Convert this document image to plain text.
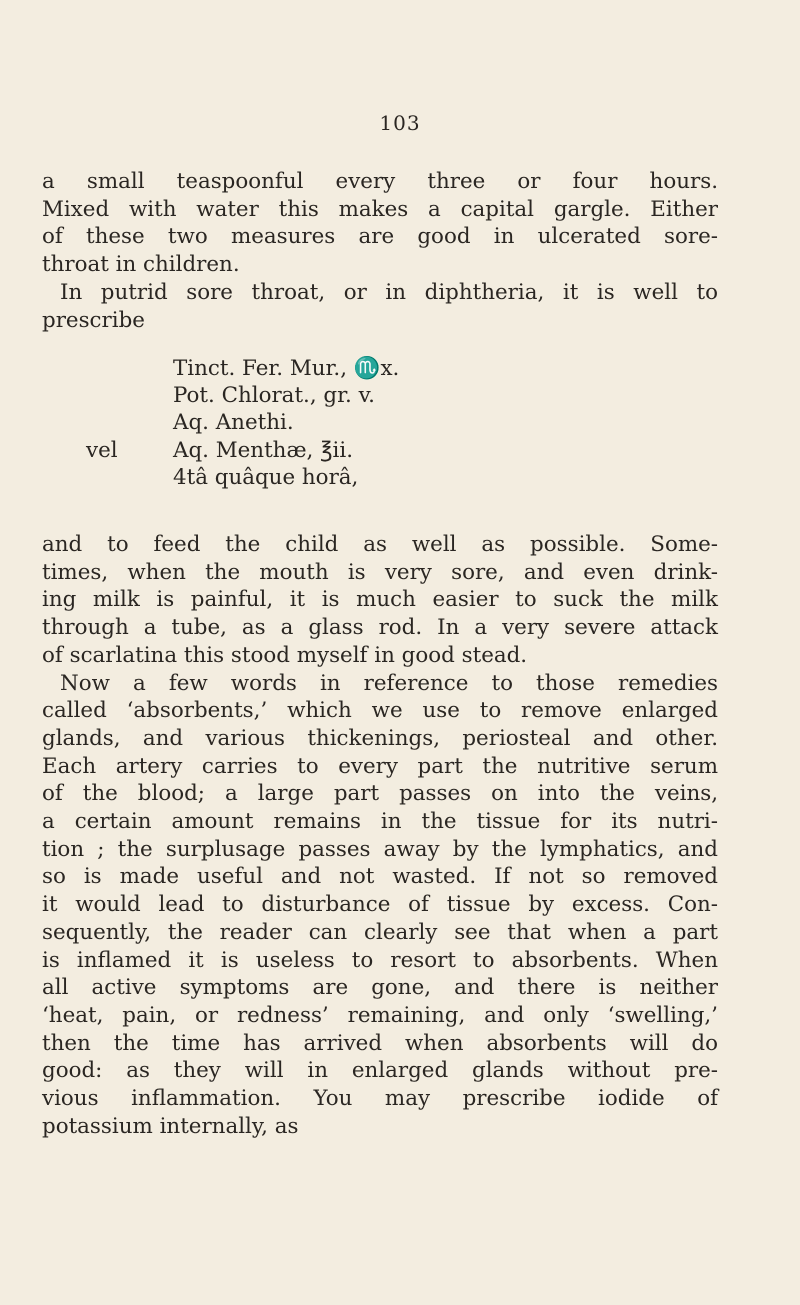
103
a small teaspoonful every three or four hours.
Mixed with water this makes a capital gargle. Either
of these two measures are good in ulcerated sore-
throat in children.
In putrid sore throat, or in diphtheria, it is well to
prescribe
Tinct. Fer. Mur., ♏x.
Pot. Chlorat., gr. v.
Aq. Anethi.
vel	Aq. Menthæ, ℥ii.
4tâ quâque horâ,
and to feed the child as well as possible. Some-
times, when the mouth is very sore, and even drink-
ing milk is painful, it is much easier to suck the milk
through a tube, as a glass rod. In a very severe attack
of scarlatina this stood myself in good stead.
Now a few words in reference to those remedies
called ‘absorbents,’ which we use to remove enlarged
glands, and various thickenings, periosteal and other.
Each artery carries to every part the nutritive serum
of the blood; a large part passes on into the veins,
a certain amount remains in the tissue for its nutri-
tion ; the surplusage passes away by the lymphatics, and
so is made useful and not wasted. If not so removed
it would lead to disturbance of tissue by excess. Con-
sequently, the reader can clearly see that when a part
is inflamed it is useless to resort to absorbents. When
all active symptoms are gone, and there is neither
‘heat, pain, or redness’ remaining, and only ‘swelling,’
then the time has arrived when absorbents will do
good: as they will in enlarged glands without pre-
vious inflammation. You may prescribe iodide of
potassium internally, as
